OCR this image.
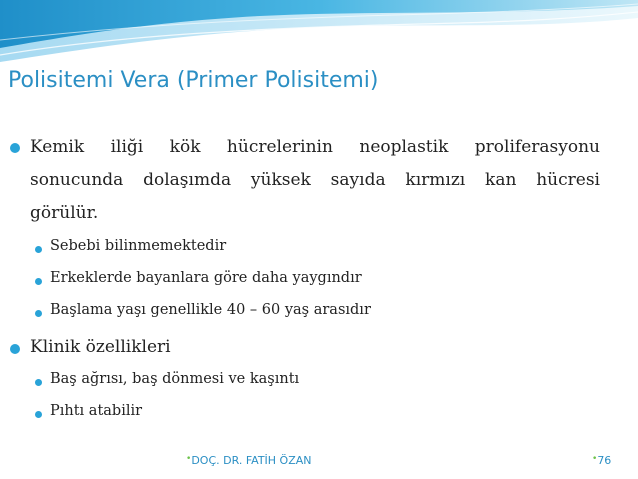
Polisitemi Vera (Primer Polisitemi)
Kemik iliği kök hücrelerinin neoplastik proliferasyonu
sonucunda dolaşımda yüksek sayıda kırmızı kan hücresi
görülür.
Sebebi bilinmemektedir
Erkeklerde bayanlara göre daha yaygındır
Başlama yaşı genellikle 40 – 60 yaş arasıdır
Klinik özellikleri
Baş ağrısı, baş dönmesi ve kaşıntı
Pıhtı atabilir
•DOÇ. DR. FATİH ÖZAN	•76
